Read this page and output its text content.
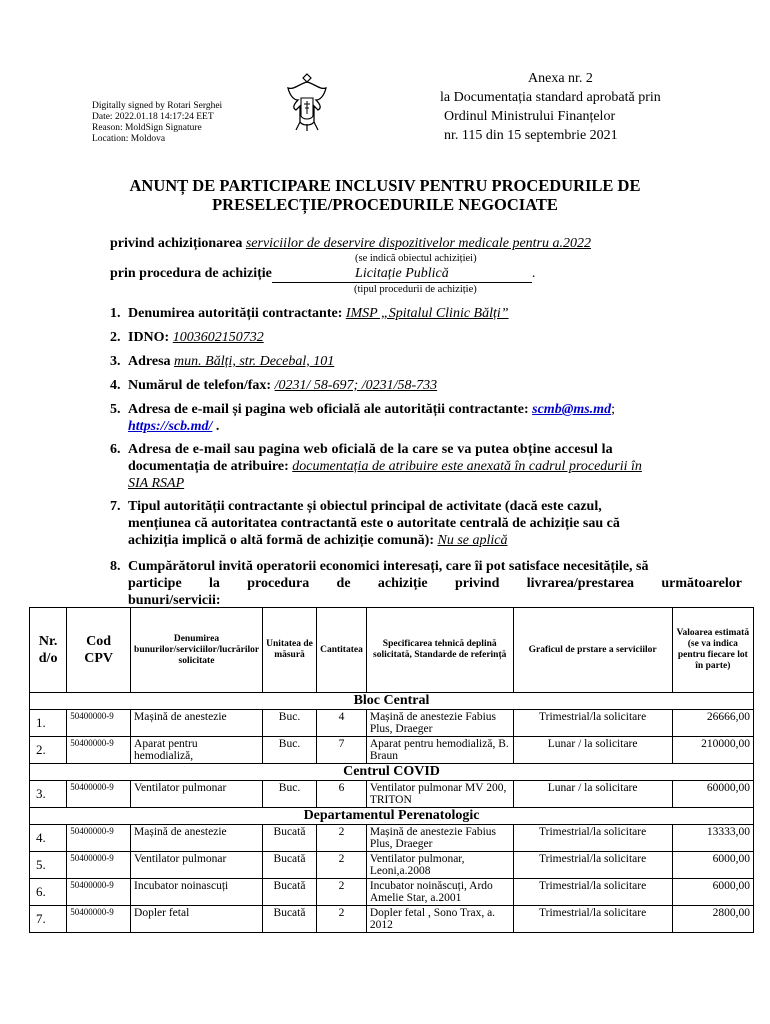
Digitally signed by Rotari Serghei
Date: 2022.01.18 14:17:24 EET
Reason: MoldSign Signature
Location: Moldova
Anexa nr. 2
la Documentația standard aprobată prin
Ordinul Ministrului Finanțelor
nr. 115 din 15 septembrie 2021
ANUNȚ DE PARTICIPARE INCLUSIV PENTRU PROCEDURILE DE
PRESELECȚIE/PROCEDURILE NEGOCIATE
privind achiziționarea serviciilor de deservire dispozitivelor medicale pentru a.2022
(se indică obiectul achiziției)
prin procedura de achiziție	Licitație Publică	.
(tipul procedurii de achiziție)
1. Denumirea autorității contractante: IMSP „Spitalul Clinic Bălți”
2. IDNO: 1003602150732
3. Adresa mun. Bălți, str. Decebal, 101
4. Numărul de telefon/fax: /0231/ 58-697; /0231/58-733
5. Adresa de e-mail și pagina web oficială ale autorității contractante: scmb@ms.md;
https://scb.md/ .
6. Adresa de e-mail sau pagina web oficială de la care se va putea obține accesul la
documentația de atribuire: documentația de atribuire este anexată în cadrul procedurii în
SIA RSAP
7. Tipul autorității contractante și obiectul principal de activitate (dacă este cazul,
mențiunea că autoritatea contractantă este o autoritate centrală de achiziție sau că
achiziția implică o altă formă de achiziție comună): Nu se aplică
8. Cumpărătorul invită operatorii economici interesați, care îi pot satisface necesitățile, să
participe la procedura de achiziție privind livrarea/prestarea următoarelor
bunuri/servicii:
Nr. d/o	Cod CPV	Denumirea bunurilor/serviciilor/lucrărilor solicitate	Unitatea de măsură	Cantitatea	Specificarea tehnică deplină solicitată, Standarde de referință	Graficul de prstare a serviciilor	Valoarea estimată (se va indica pentru fiecare lot în parte)
Bloc Central							
1.	50400000-9	Mașină de anestezie	Buc.	4	Mașină de anestezie Fabius Plus, Draeger	Trimestrial/la solicitare	26666,00
2.	50400000-9	Aparat pentru hemodializă,	Buc.	7	Aparat pentru hemodializă, B. Braun	Lunar / la solicitare	210000,00
Centrul COVID							
3.	50400000-9	Ventilator pulmonar	Buc.	6	Ventilator pulmonar MV 200, TRITON	Lunar / la solicitare	60000,00
Departamentul Perenatologic							
4.	50400000-9	Mașină de anestezie	Bucată	2	Mașină de anestezie Fabius Plus, Draeger	Trimestrial/la solicitare	13333,00
5.	50400000-9	Ventilator pulmonar	Bucată	2	Ventilator pulmonar, Leoni,a.2008	Trimestrial/la solicitare	6000,00
6.	50400000-9	Incubator noinascuți	Bucată	2	Incubator noinăscuți, Ardo Amelie Star, a.2001	Trimestrial/la solicitare	6000,00
7.	50400000-9	Dopler fetal	Bucată	2	Dopler fetal , Sono Trax, a. 2012	Trimestrial/la solicitare	2800,00
